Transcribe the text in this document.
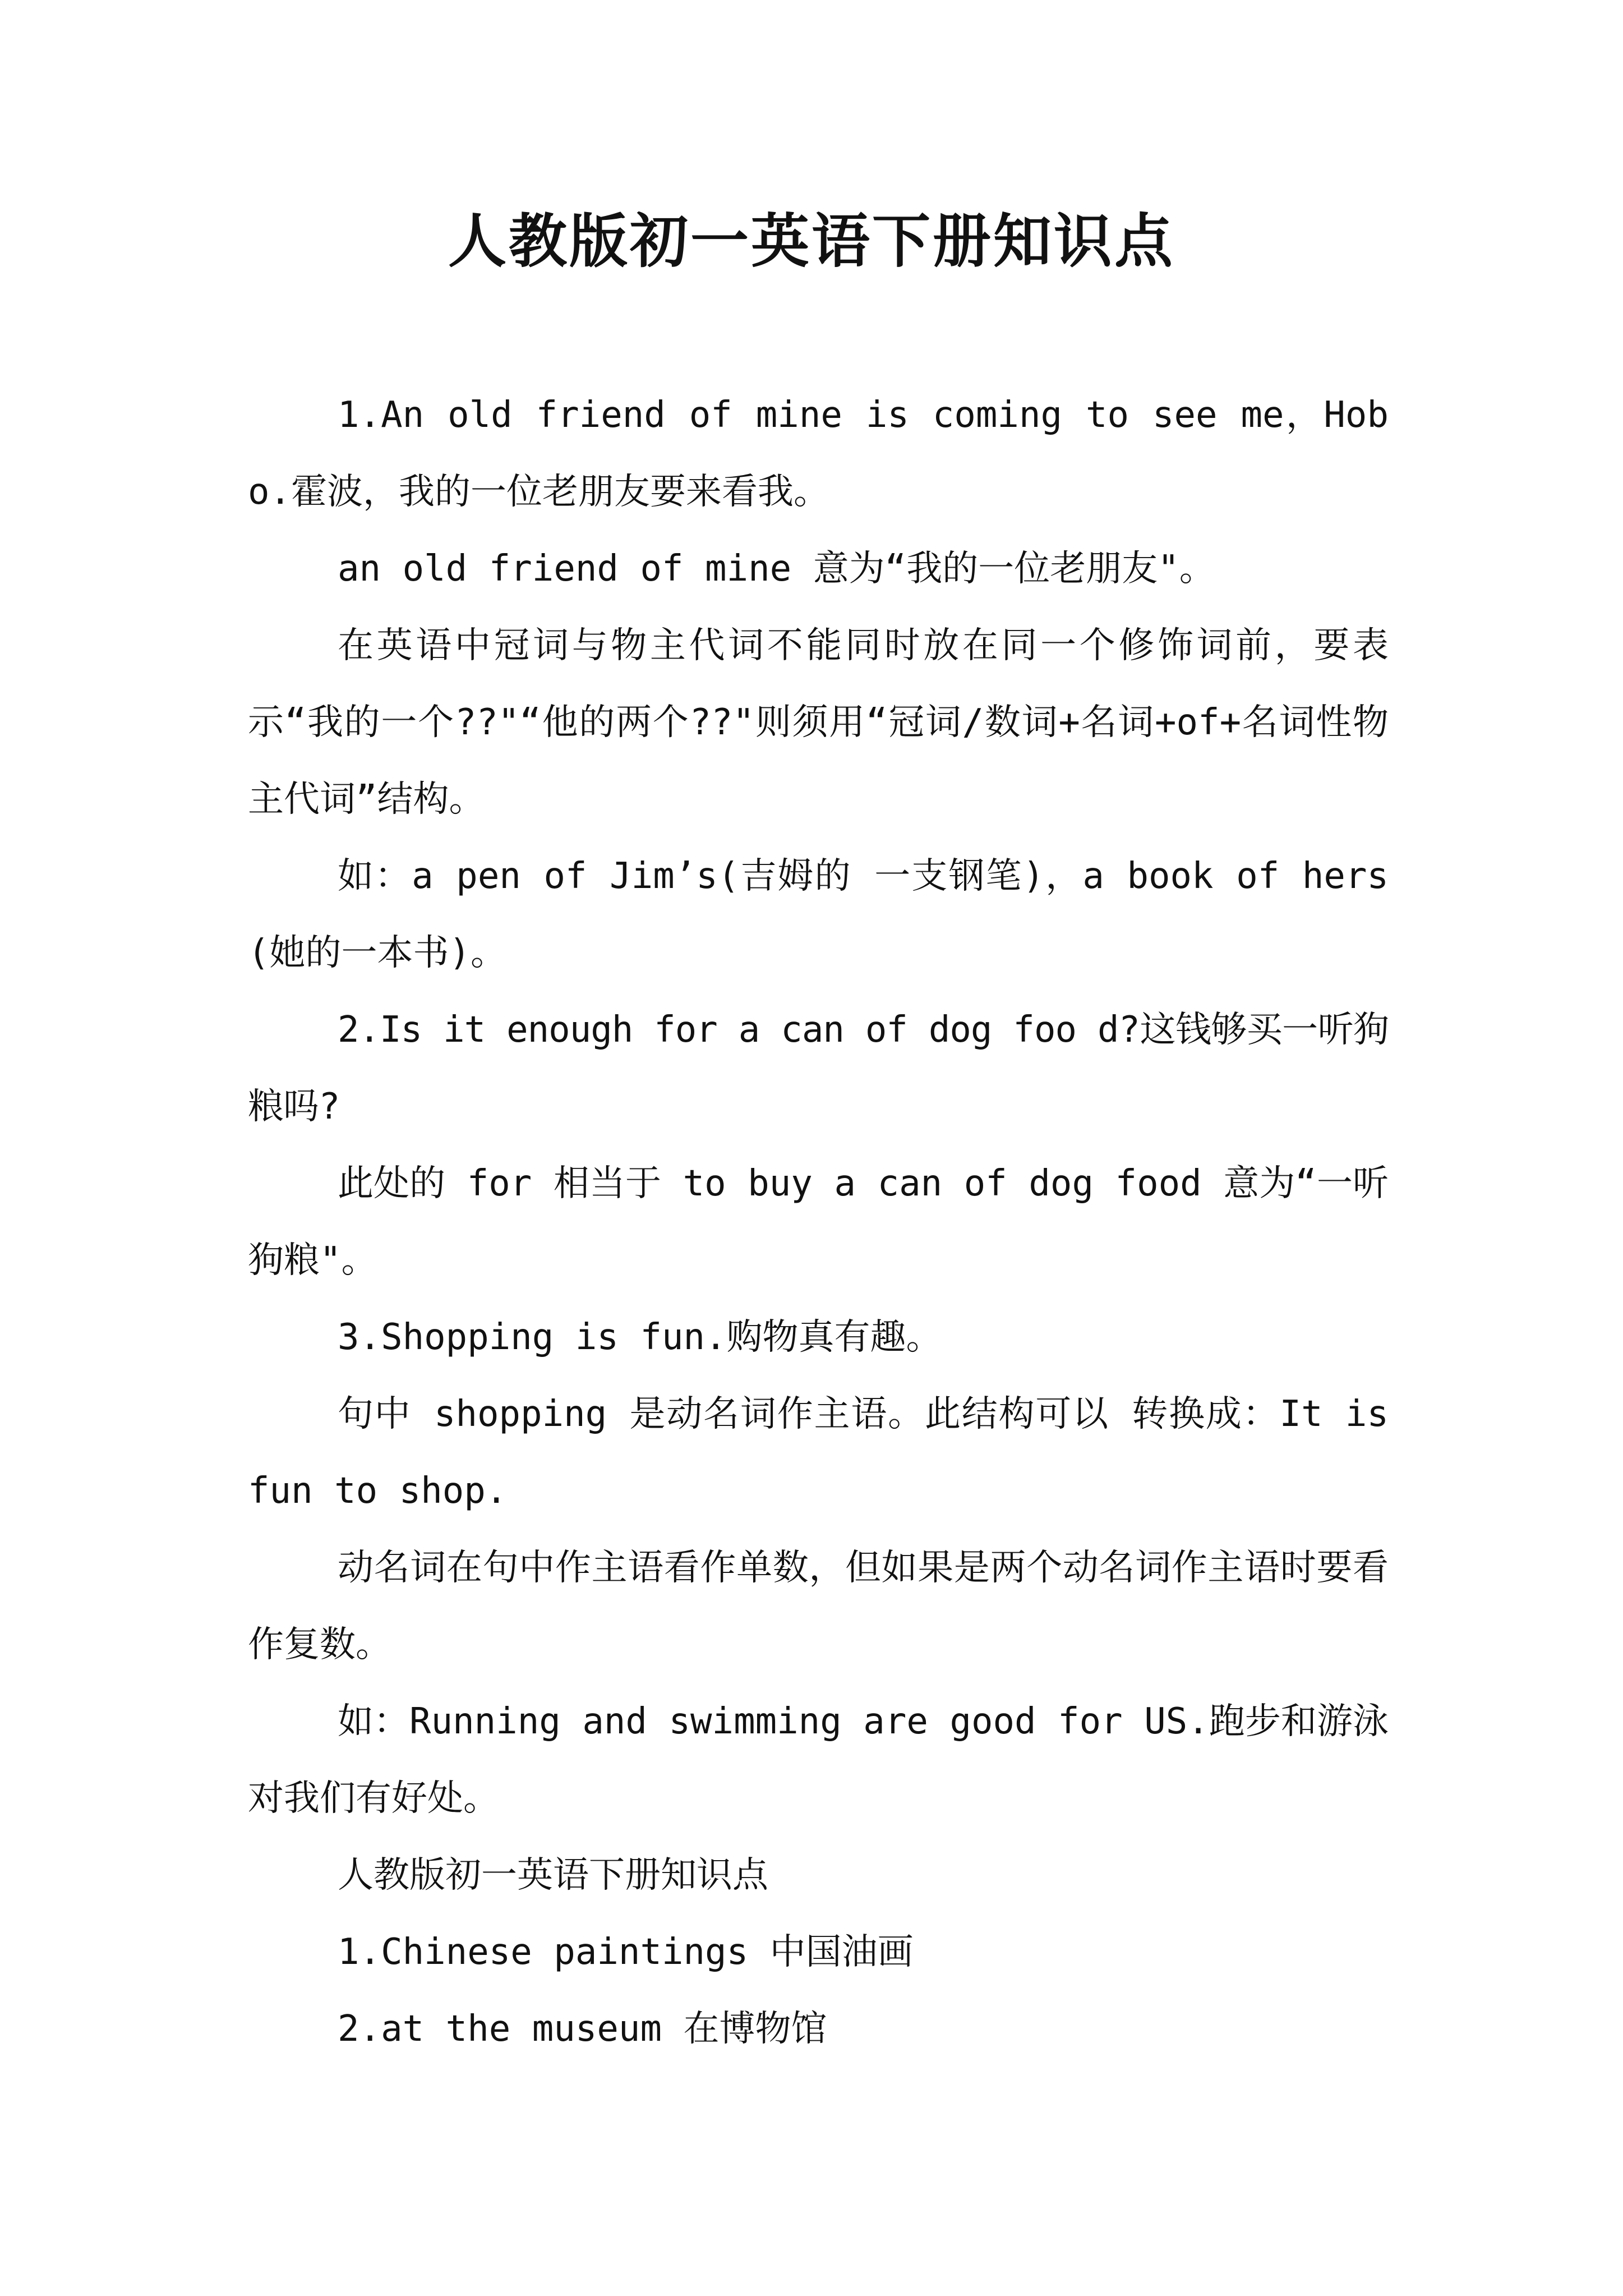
人教版初一英语下册知识点

1.An old friend of mine is coming to see me，Hobo.霍波，我的一位老朋友要来看我。

an old friend of mine 意为“我的一位老朋友"。

在英语中冠词与物主代词不能同时放在同一个修饰词前，要表示“我的一个??"“他的两个??"则须用“冠词/数词+名词+of+名词性物主代词”结构。

如：a pen of Jim’s(吉姆的 一支钢笔)，a book of hers(她的一本书)。

2.Is it enough for a can of dog foo d?这钱够买一听狗粮吗?

此处的 for 相当于 to buy a can of dog food 意为“一听狗粮"。

3.Shopping is fun.购物真有趣。

句中 shopping 是动名词作主语。此结构可以 转换成：It is fun to shop.

动名词在句中作主语看作单数，但如果是两个动名词作主语时要看作复数。

如：Running and swimming are good for US.跑步和游泳对我们有好处。

人教版初一英语下册知识点

1.Chinese paintings 中国油画

2.at the museum 在博物馆
